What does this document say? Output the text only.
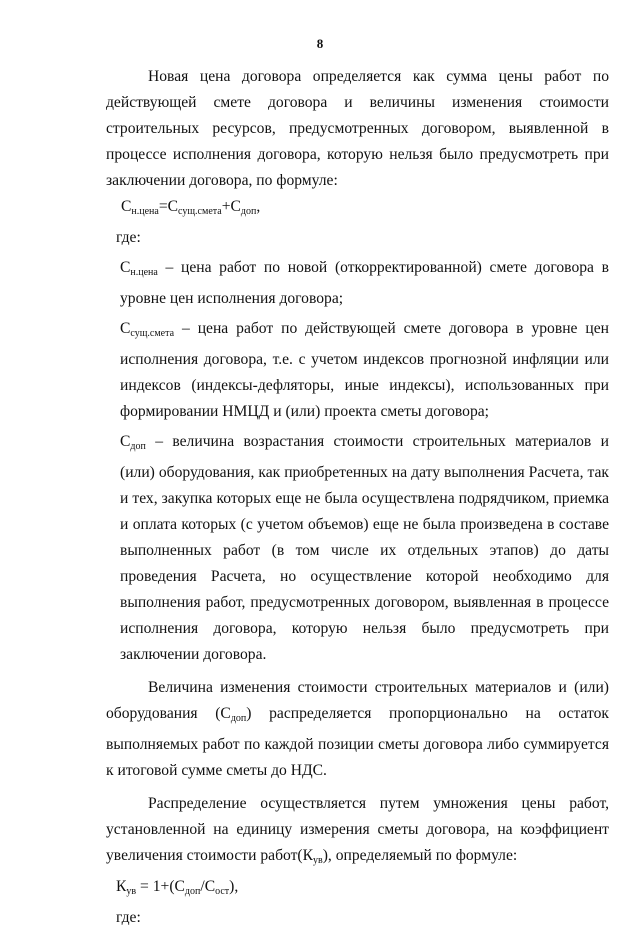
8

Новая цена договора определяется как сумма цены работ по действующей смете договора и величины изменения стоимости строительных ресурсов, предусмотренных договором, выявленной в процессе исполнения договора, которую нельзя было предусмотреть при заключении договора, по формуле:

$С_{н.цена}=С_{сущ.смета}+С_{доп}$,

где:

$С_{н.цена}$ – цена работ по новой (откорректированной) смете договора в уровне цен исполнения договора;

$С_{сущ.смета}$ – цена работ по действующей смете договора в уровне цен исполнения договора, т.е. с учетом индексов прогнозной инфляции или индексов (индексы-дефляторы, иные индексы), использованных при формировании НМЦД и (или) проекта сметы договора;

$С_{доп}$ – величина возрастания стоимости строительных материалов и (или) оборудования, как приобретенных на дату выполнения Расчета, так и тех, закупка которых еще не была осуществлена подрядчиком, приемка и оплата которых (с учетом объемов) еще не была произведена в составе выполненных работ (в том числе их отдельных этапов) до даты проведения Расчета, но осуществление которой необходимо для выполнения работ, предусмотренных договором, выявленная в процессе исполнения договора, которую нельзя было предусмотреть при заключении договора.

Величина изменения стоимости строительных материалов и (или) оборудования $(С_{доп})$ распределяется пропорционально на остаток выполняемых работ по каждой позиции сметы договора либо суммируется к итоговой сумме сметы до НДС.

Распределение осуществляется путем умножения цены работ, установленной на единицу измерения сметы договора, на коэффициент увеличения стоимости $работ(К_{ув})$, определяемый по формуле:

$К_{ув} = 1+(С_{доп}/С_{ост})$,

где:
